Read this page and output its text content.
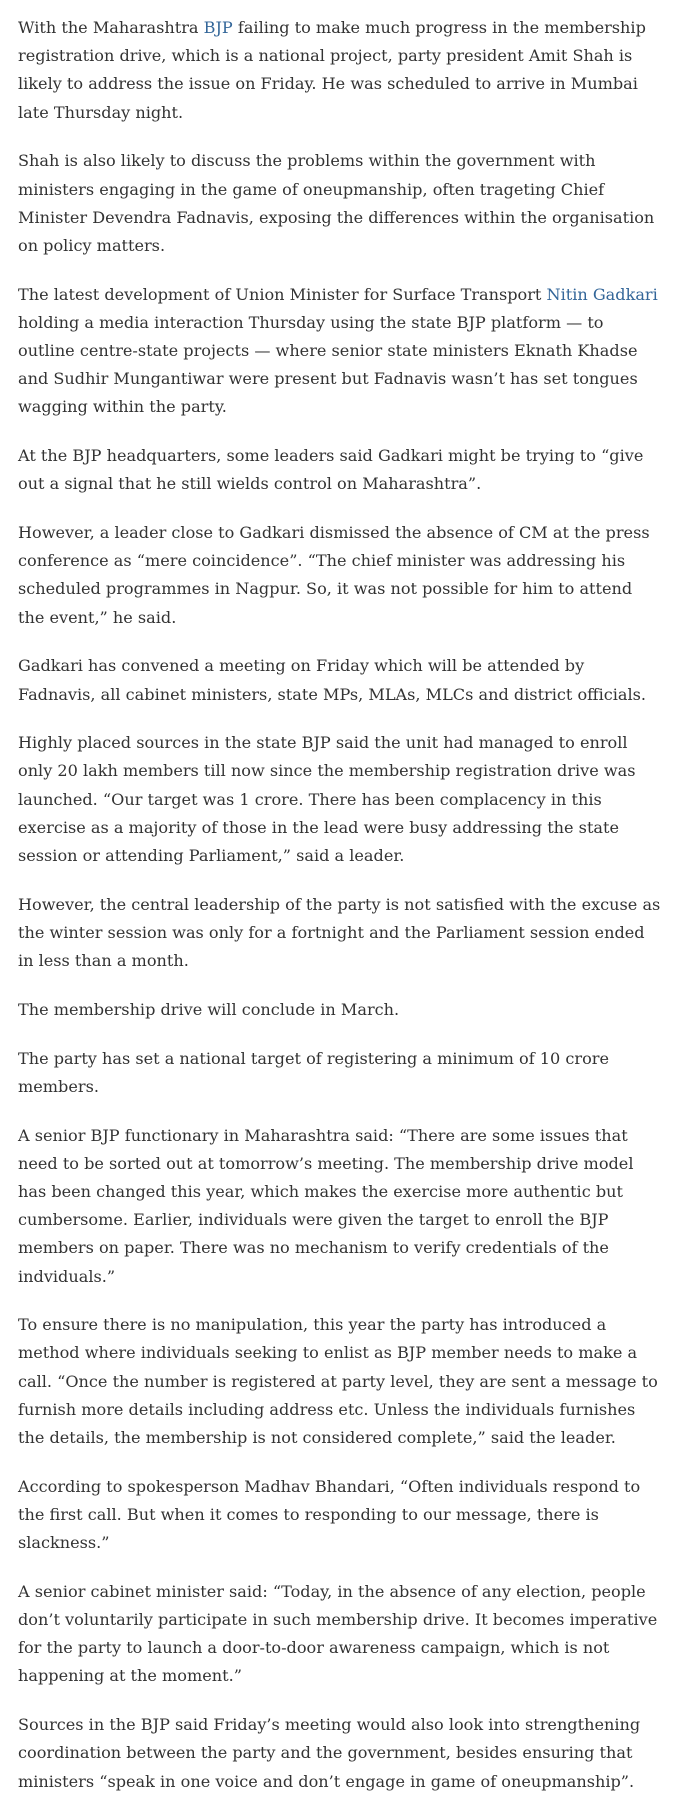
With the Maharashtra BJP failing to make much progress in the membership registration drive, which is a national project, party president Amit Shah is likely to address the issue on Friday. He was scheduled to arrive in Mumbai late Thursday night.

Shah is also likely to discuss the problems within the government with ministers engaging in the game of oneupmanship, often trageting Chief Minister Devendra Fadnavis, exposing the differences within the organisation on policy matters.

The latest development of Union Minister for Surface Transport Nitin Gadkari holding a media interaction Thursday using the state BJP platform — to outline centre-state projects — where senior state ministers Eknath Khadse and Sudhir Mungantiwar were present but Fadnavis wasn’t has set tongues wagging within the party.

At the BJP headquarters, some leaders said Gadkari might be trying to “give out a signal that he still wields control on Maharashtra”.

However, a leader close to Gadkari dismissed the absence of CM at the press conference as “mere coincidence”. “The chief minister was addressing his scheduled programmes in Nagpur. So, it was not possible for him to attend the event,” he said.

Gadkari has convened a meeting on Friday which will be attended by Fadnavis, all cabinet ministers, state MPs, MLAs, MLCs and district officials.

Highly placed sources in the state BJP said the unit had managed to enroll only 20 lakh members till now since the membership registration drive was launched. “Our target was 1 crore. There has been complacency in this exercise as a majority of those in the lead were busy addressing the state session or attending Parliament,” said a leader.

However, the central leadership of the party is not satisfied with the excuse as the winter session was only for a fortnight and the Parliament session ended in less than a month.

The membership drive will conclude in March.

The party has set a national target of registering a minimum of 10 crore members.

A senior BJP functionary in Maharashtra said: “There are some issues that need to be sorted out at tomorrow’s meeting. The membership drive model has been changed this year, which makes the exercise more authentic but cumbersome. Earlier, individuals were given the target to enroll the BJP members on paper. There was no mechanism to verify credentials of the indviduals.”

To ensure there is no manipulation, this year the party has introduced a method where individuals seeking to enlist as BJP member needs to make a call. “Once the number is registered at party level, they are sent a message to furnish more details including address etc. Unless the individuals furnishes the details, the membership is not considered complete,” said the leader.

According to spokesperson Madhav Bhandari, “Often individuals respond to the first call. But when it comes to responding to our message, there is slackness.”

A senior cabinet minister said: “Today, in the absence of any election, people don’t voluntarily participate in such membership drive. It becomes imperative for the party to launch a door-to-door awareness campaign, which is not happening at the moment.”

Sources in the BJP said Friday’s meeting would also look into strengthening coordination between the party and the government, besides ensuring that ministers “speak in one voice and don’t engage in game of oneupmanship”.
